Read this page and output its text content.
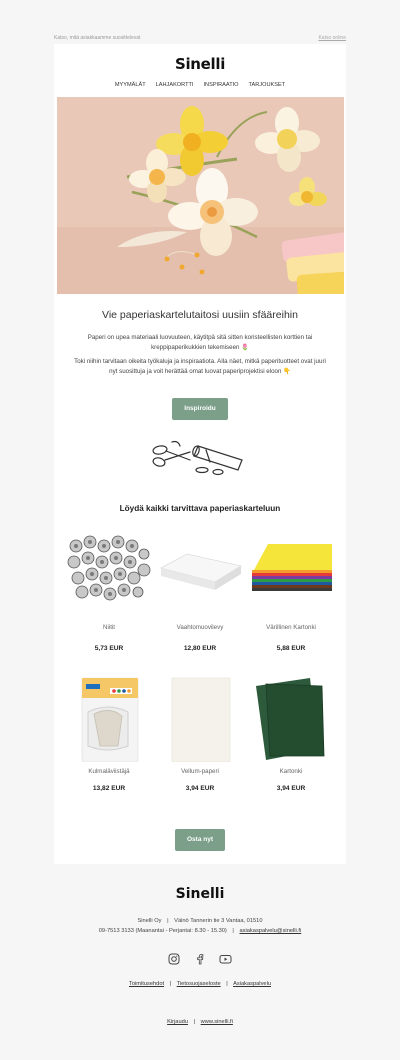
Katso, mitä asiakkaamme suosittelevat	Katso online
Sinelli
MYYMÄLÄT LAHJAKORTTI INSPIRAATIO TARJOUKSET
Vie paperiaskartelutaitosi uusiin sfääreihin
Paperi on upea materiaali luovuuteen, käytitpä sitä sitten koristeellisten korttien tai kreppipaperikukkien tekemiseen 🌷
Toki niihin tarvitaan oikeita työkaluja ja inspiraatiota. Alla näet, mitkä paperituotteet ovat juuri nyt suosittuja ja voit herättää omat luovat paperiprojektisi eloon 👇
Inspiroidu
Löydä kaikki tarvittava paperiaskarteluun
Niitit
5,73 EUR
Vaahtomuovilevy
12,80 EUR
Värillinen Kartonki
5,88 EUR
Kulmaläviistäjä
13,82 EUR
Vellum-paperi
3,94 EUR
Kartonki
3,94 EUR
Osta nyt
Sinelli
Sinelli Oy | Väinö Tannerin tie 3 Vantaa, 01510
09-7513 3133 (Maanantai - Perjantai: 8.30 - 15.30) | asiakaspalvelu@sinelli.fi
Toimitusehdot | Tietosuojaseloste | Asiakaspalvelu
Kirjaudu | www.sinelli.fi
